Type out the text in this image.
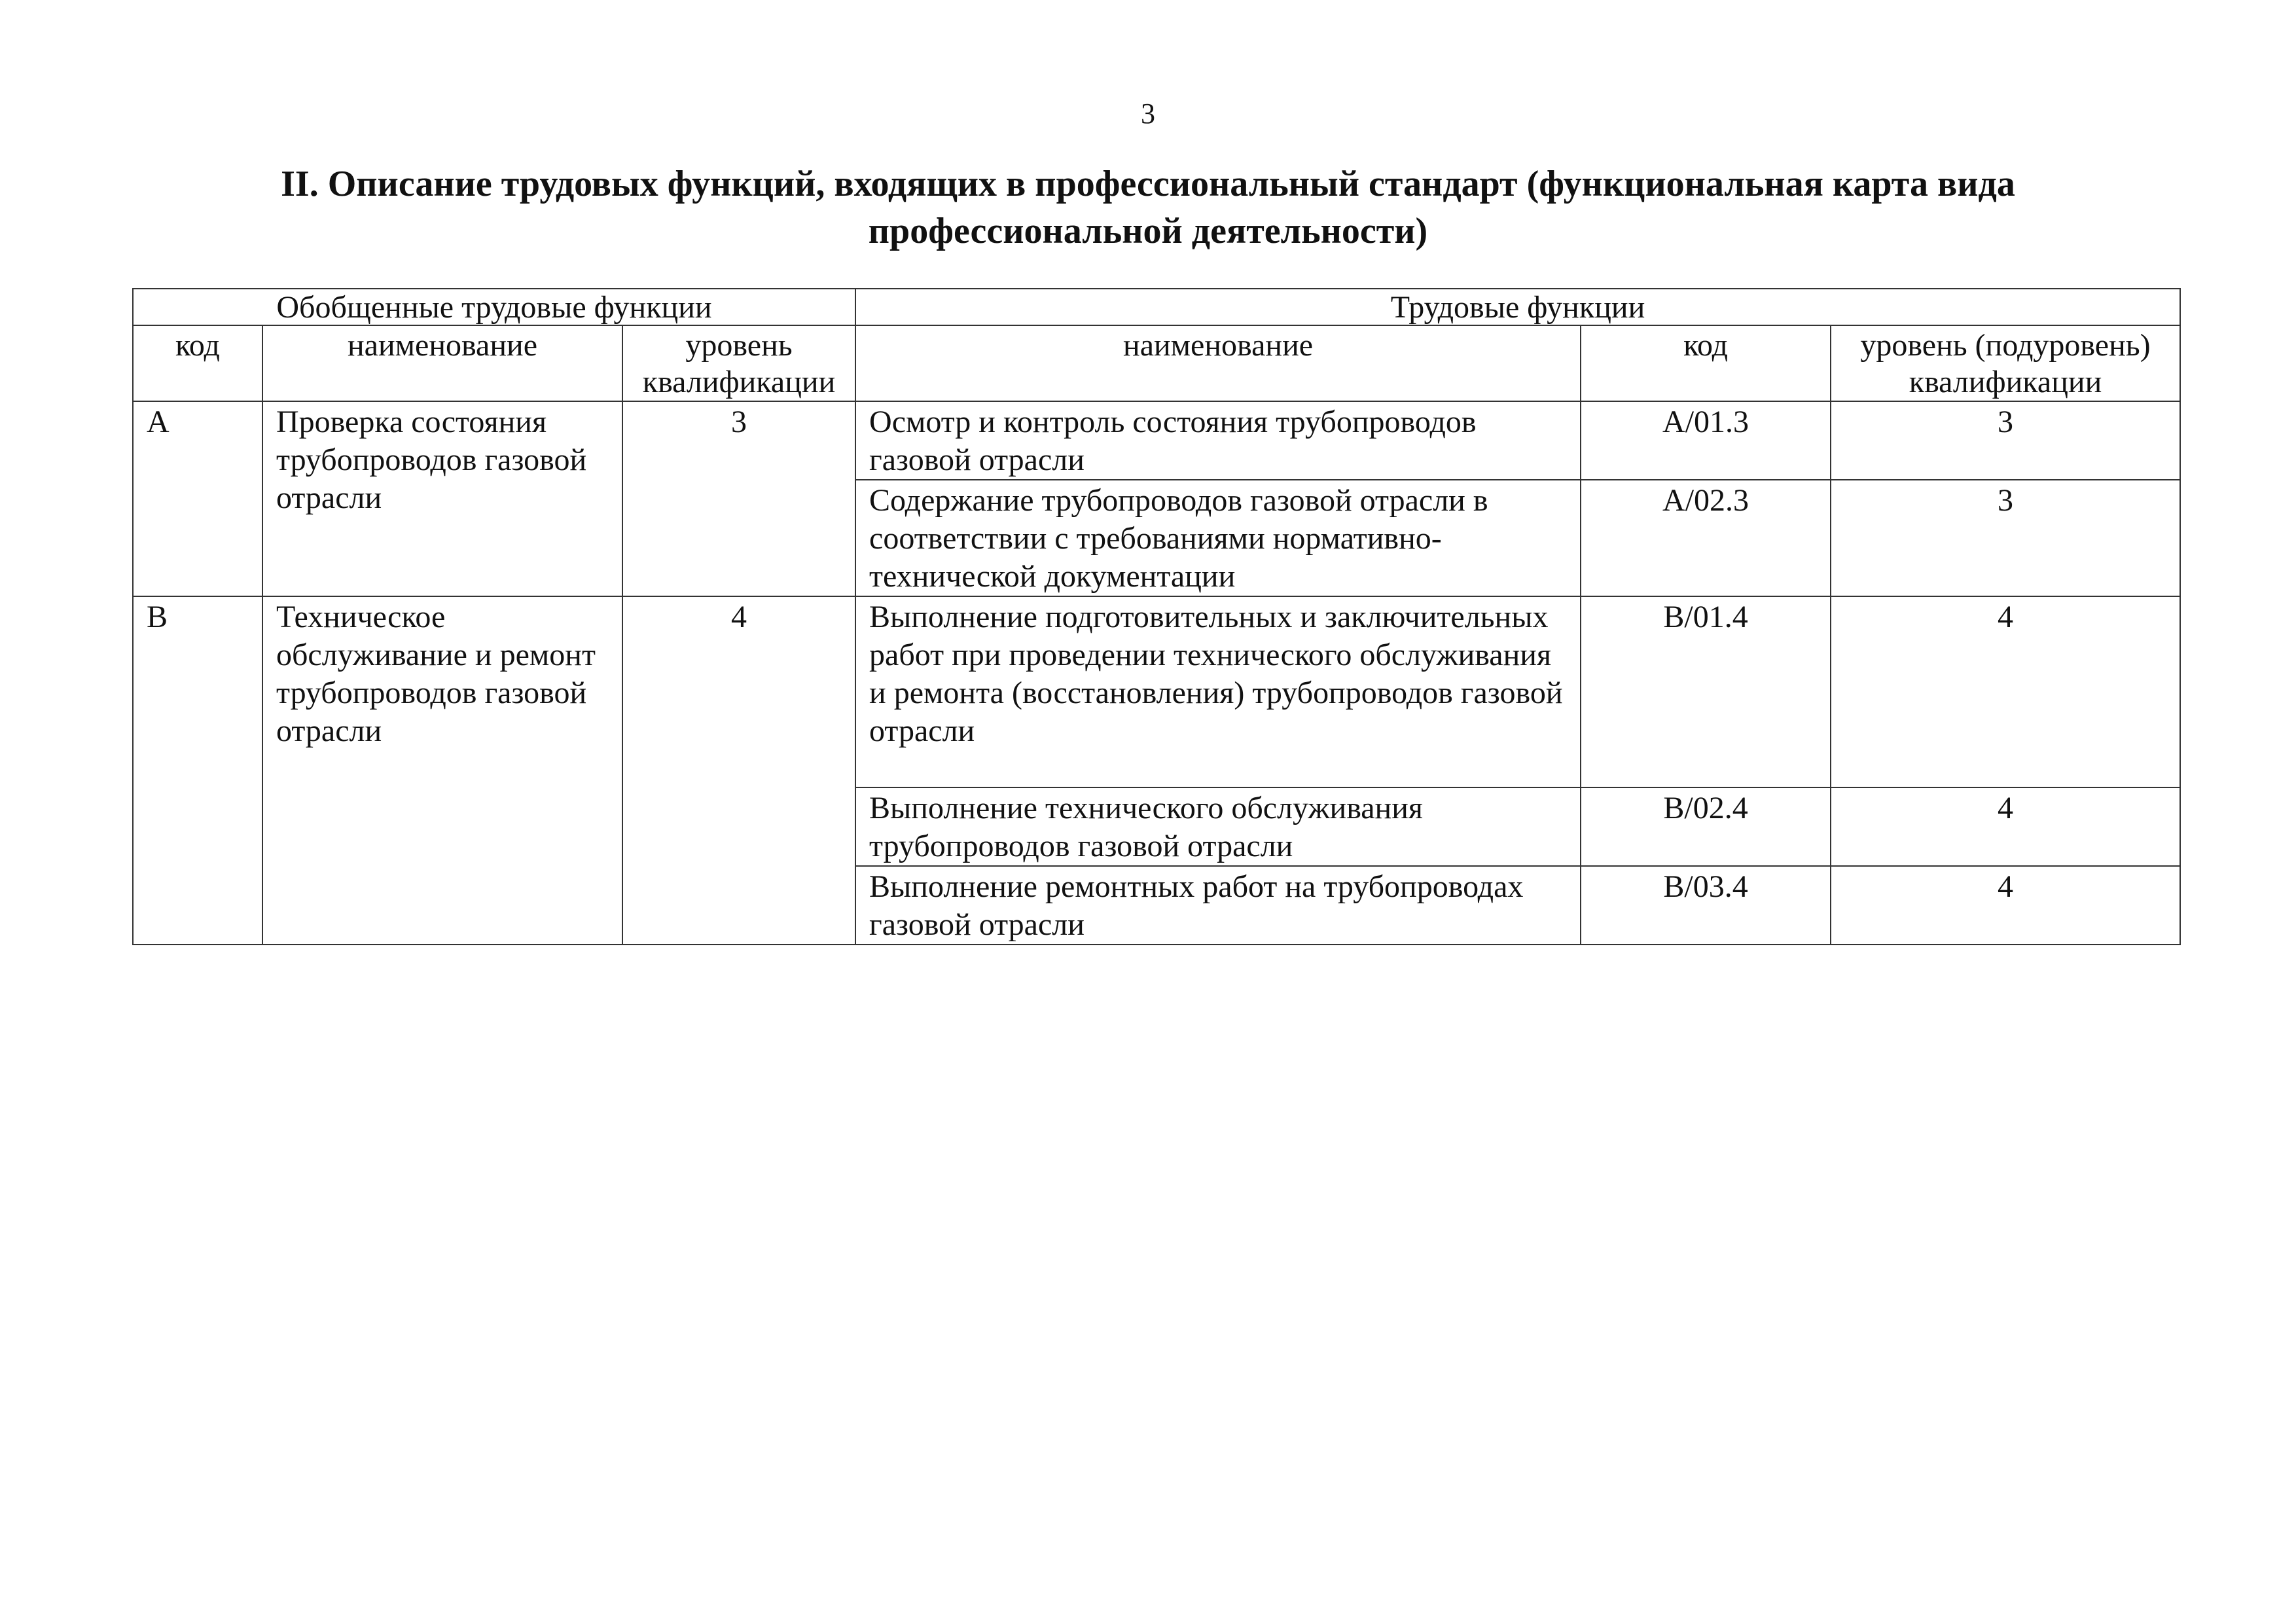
3
II. Описание трудовых функций, входящих в профессиональный стандарт (функциональная карта вида
профессиональной деятельности)
Обобщенные трудовые функции			Трудовые функции		
код	наименование	уровень квалификации	наименование	код	уровень (подуровень) квалификации
A	Проверка состояния трубопроводов газовой отрасли	3	Осмотр и контроль состояния трубопроводов газовой отрасли	A/01.3	3
			Содержание трубопроводов газовой отрасли в соответствии с требованиями нормативно-технической документации	A/02.3	3
B	Техническое обслуживание и ремонт трубопроводов газовой отрасли	4	Выполнение подготовительных и заключительных работ при проведении технического обслуживания и ремонта (восстановления) трубопроводов газовой отрасли	B/01.4	4
			Выполнение технического обслуживания трубопроводов газовой отрасли	B/02.4	4
			Выполнение ремонтных работ на трубопроводах газовой отрасли	B/03.4	4
